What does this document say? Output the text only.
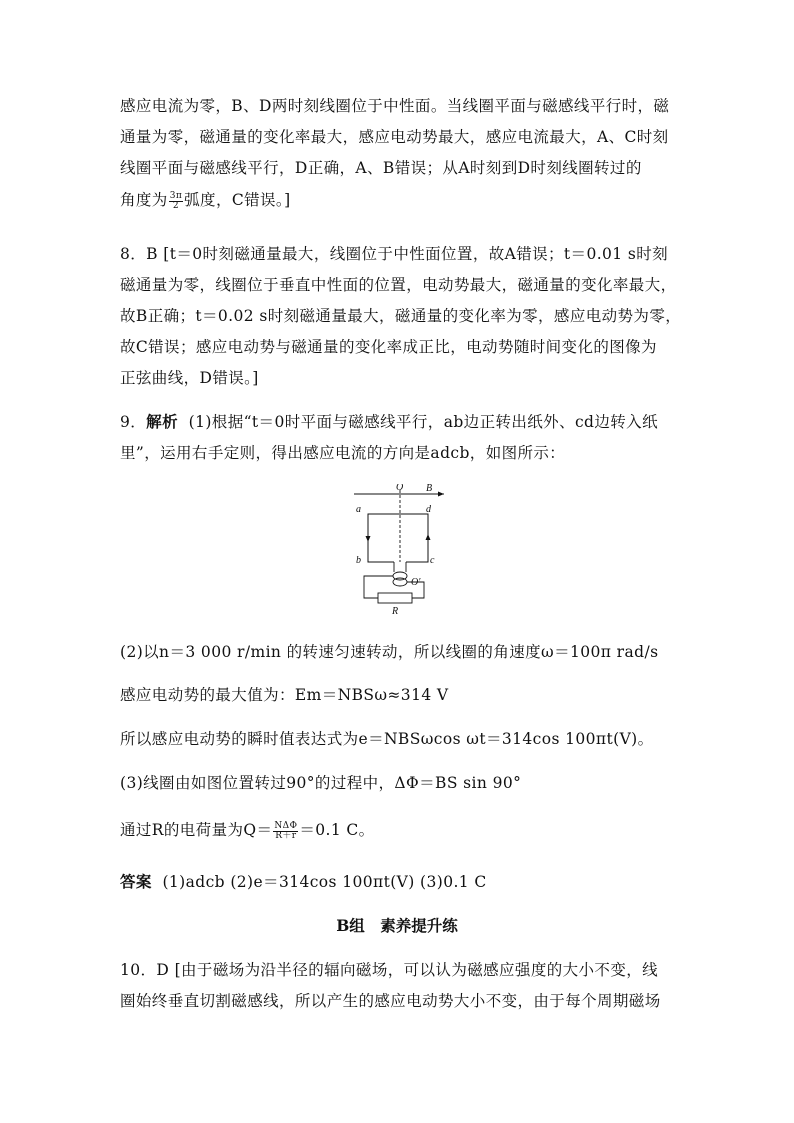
感应电流为零，B、D两时刻线圈位于中性面。当线圈平面与磁感线平行时，磁
通量为零，磁通量的变化率最大，感应电动势最大，感应电流最大，A、C时刻
线圈平面与磁感线平行，D正确，A、B错误；从A时刻到D时刻线圈转过的
角度为 $\frac{3\pi}{2}$ 弧度，C错误。]
8．B [t＝0时刻磁通量最大，线圈位于中性面位置，故A错误；t＝0.01 s时刻
磁通量为零，线圈位于垂直中性面的位置，电动势最大，磁通量的变化率最大，
故B正确；t＝0.02 s时刻磁通量最大，磁通量的变化率为零，感应电动势为零，
故C错误；感应电动势与磁通量的变化率成正比，电动势随时间变化的图像为
正弦曲线，D错误。]
9．解析 (1)根据“t＝0时平面与磁感线平行，ab边正转出纸外、cd边转入纸
里”，运用右手定则，得出感应电流的方向是adcb，如图所示：
O B
a	d
b	c
O′
R
(2)以n＝3 000 r/min 的转速匀速转动，所以线圈的角速度ω＝100π rad/s
感应电动势的最大值为：Em＝NBSω≈314 V
所以感应电动势的瞬时值表达式为e＝NBSωcos ωt＝314cos 100πt(V)。
(3)线圈由如图位置转过90°的过程中，ΔΦ＝BS sin 90°
通过R的电荷量为$Q= \frac{\text{NΔΦ}}{R+r} =0.1$ C。
答案 (1)adcb (2)e＝314cos 100πt(V) (3)0.1 C
B组　素养提升练
10．D [由于磁场为沿半径的辐向磁场，可以认为磁感应强度的大小不变，线
圈始终垂直切割磁感线，所以产生的感应电动势大小不变，由于每个周期磁场
